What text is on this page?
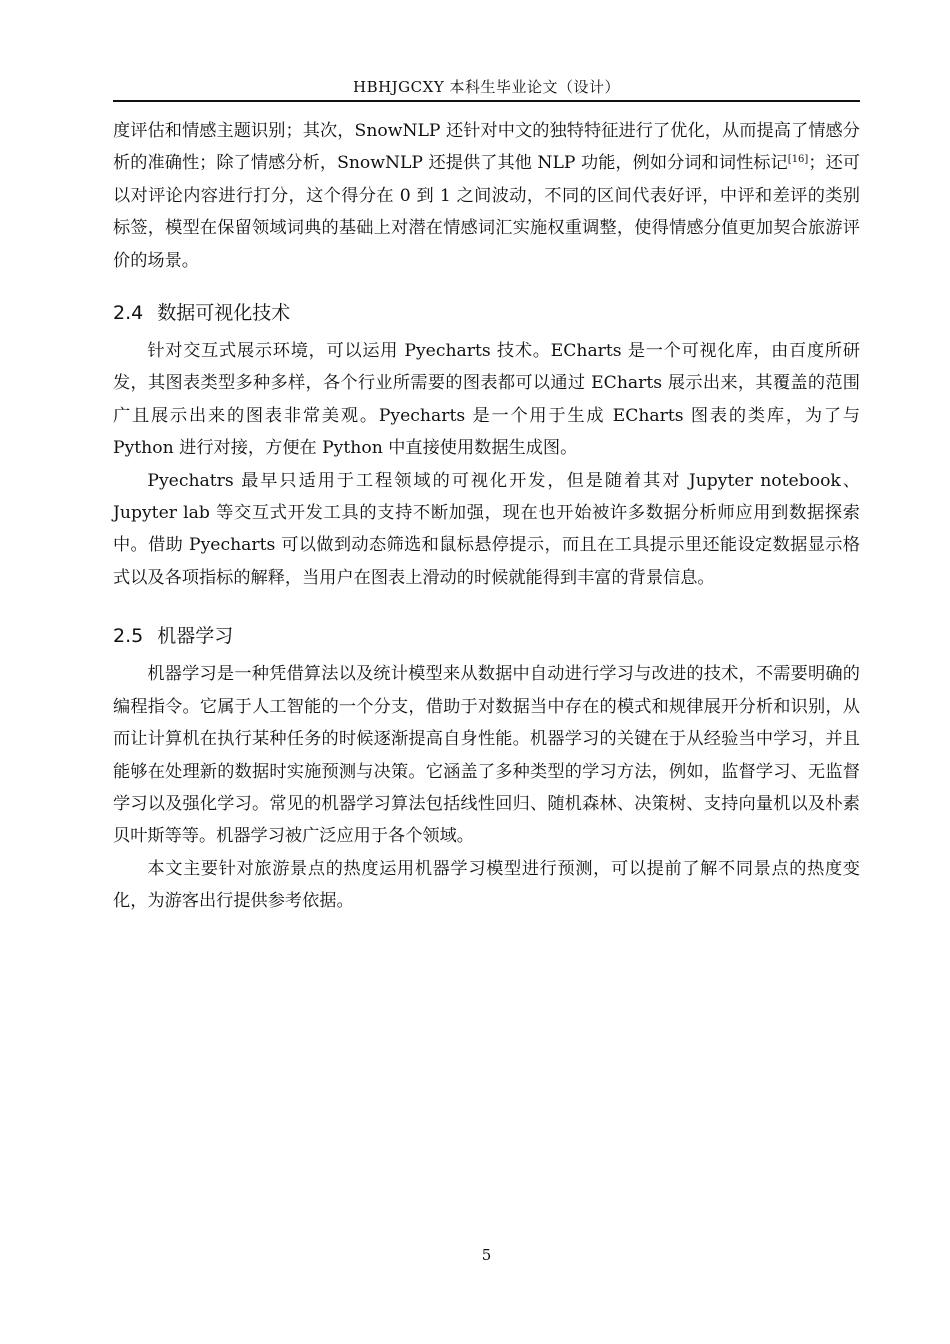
HBHJGCXY 本科生毕业论文（设计）

度评估和情感主题识别；其次，SnowNLP 还针对中文的独特特征进行了优化，从而提高了情感分析的准确性；除了情感分析，SnowNLP 还提供了其他 NLP 功能，例如分词和词性标记[16]；还可以对评论内容进行打分，这个得分在 0 到 1 之间波动，不同的区间代表好评，中评和差评的类别标签，模型在保留领域词典的基础上对潜在情感词汇实施权重调整，使得情感分值更加契合旅游评价的场景。

2.4 数据可视化技术

针对交互式展示环境，可以运用 Pyecharts 技术。ECharts 是一个可视化库，由百度所研发，其图表类型多种多样，各个行业所需要的图表都可以通过 ECharts 展示出来，其覆盖的范围广且展示出来的图表非常美观。Pyecharts 是一个用于生成 ECharts 图表的类库，为了与 Python 进行对接，方便在 Python 中直接使用数据生成图。

Pyechatrs 最早只适用于工程领域的可视化开发，但是随着其对 Jupyter notebook、Jupyter lab 等交互式开发工具的支持不断加强，现在也开始被许多数据分析师应用到数据探索中。借助 Pyecharts 可以做到动态筛选和鼠标悬停提示，而且在工具提示里还能设定数据显示格式以及各项指标的解释，当用户在图表上滑动的时候就能得到丰富的背景信息。

2.5 机器学习

机器学习是一种凭借算法以及统计模型来从数据中自动进行学习与改进的技术，不需要明确的编程指令。它属于人工智能的一个分支，借助于对数据当中存在的模式和规律展开分析和识别，从而让计算机在执行某种任务的时候逐渐提高自身性能。机器学习的关键在于从经验当中学习，并且能够在处理新的数据时实施预测与决策。它涵盖了多种类型的学习方法，例如，监督学习、无监督学习以及强化学习。常见的机器学习算法包括线性回归、随机森林、决策树、支持向量机以及朴素贝叶斯等等。机器学习被广泛应用于各个领域。

本文主要针对旅游景点的热度运用机器学习模型进行预测，可以提前了解不同景点的热度变化，为游客出行提供参考依据。

5
